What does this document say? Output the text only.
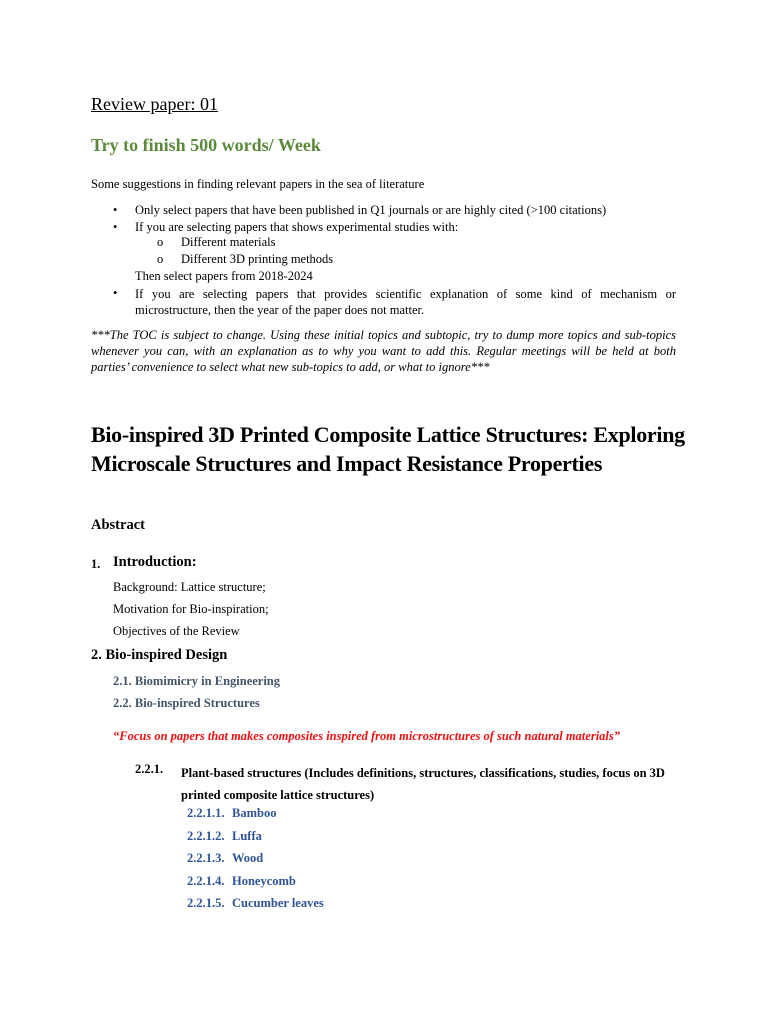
Review paper: 01
Try to finish 500 words/ Week
Some suggestions in finding relevant papers in the sea of literature
• Only select papers that have been published in Q1 journals or are highly cited (>100 citations)
• If you are selecting papers that shows experimental studies with:
o Different materials
o Different 3D printing methods
Then select papers from 2018-2024
• If you are selecting papers that provides scientific explanation of some kind of mechanism or microstructure, then the year of the paper does not matter.
***The TOC is subject to change. Using these initial topics and subtopic, try to dump more topics and sub-topics whenever you can, with an explanation as to why you want to add this. Regular meetings will be held at both parties’ convenience to select what new sub-topics to add, or what to ignore***
Bio-inspired 3D Printed Composite Lattice Structures: Exploring Microscale Structures and Impact Resistance Properties
Abstract
1. Introduction:
Background: Lattice structure;
Motivation for Bio-inspiration;
Objectives of the Review
2. Bio-inspired Design
2.1. Biomimicry in Engineering
2.2. Bio-inspired Structures
“Focus on papers that makes composites inspired from microstructures of such natural materials”
2.2.1. Plant-based structures (Includes definitions, structures, classifications, studies, focus on 3D printed composite lattice structures)
2.2.1.1. Bamboo
2.2.1.2. Luffa
2.2.1.3. Wood
2.2.1.4. Honeycomb
2.2.1.5. Cucumber leaves
